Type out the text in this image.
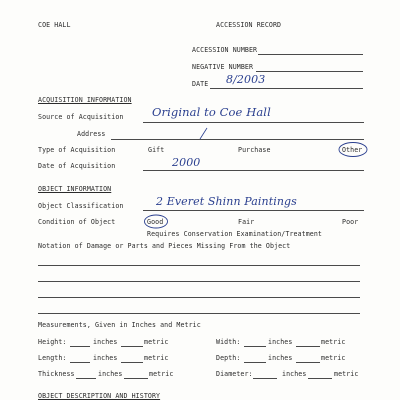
COE HALL	ACCESSION RECORD
ACCESSION NUMBER
NEGATIVE NUMBER
DATE 8/2003
ACQUISITION INFORMATION
Source of Acquisition Original to Coe Hall
Address
Type of Acquisition	Gift	Purchase	Other
Date of Acquisition	2000
OBJECT INFORMATION
Object Classification	2 Everet Shinn Paintings
Condition of Object	Good	Fair	Poor
Requires Conservation Examination/Treatment
Notation of Damage or Parts and Pieces Missing From the Object
Measurements, Given in Inches and Metric
Height:	inches	metric	Width:	inches	metric
Length:	inches	metric	Depth:	inches	metric
Thickness	inches	metric	Diameter:	inches	metric
OBJECT DESCRIPTION AND HISTORY
